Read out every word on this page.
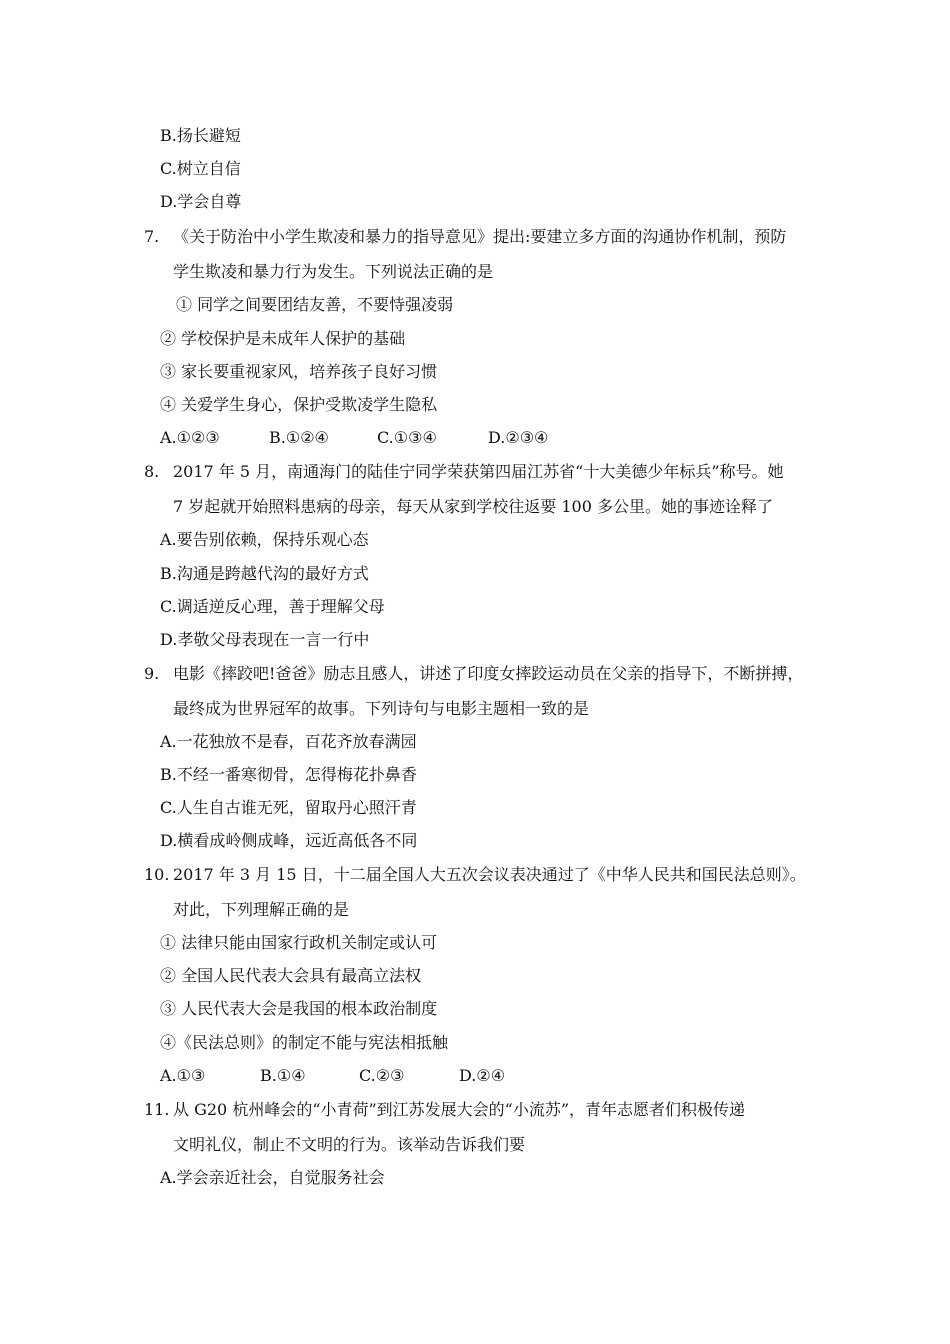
B.扬长避短
C.树立自信
D.学会自尊
7. 《关于防治中小学生欺凌和暴力的指导意见》提出:要建立多方面的沟通协作机制，预防
学生欺凌和暴力行为发生。下列说法正确的是
① 同学之间要团结友善，不要恃强凌弱
② 学校保护是未成年人保护的基础
③ 家长要重视家风，培养孩子良好习惯
④ 关爱学生身心，保护受欺凌学生隐私
A.①②③	B.①②④	C.①③④	D.②③④
8. 2017 年 5 月，南通海门的陆佳宁同学荣获第四届江苏省“十大美德少年标兵”称号。她
7 岁起就开始照料患病的母亲，每天从家到学校往返要 100 多公里。她的事迹诠释了
A.要告别依赖，保持乐观心态
B.沟通是跨越代沟的最好方式
C.调适逆反心理，善于理解父母
D.孝敬父母表现在一言一行中
9. 电影《摔跤吧!爸爸》励志且感人，讲述了印度女摔跤运动员在父亲的指导下，不断拼搏，
最终成为世界冠军的故事。下列诗句与电影主题相一致的是
A.一花独放不是春，百花齐放春满园
B.不经一番寒彻骨，怎得梅花扑鼻香
C.人生自古谁无死，留取丹心照汗青
D.横看成岭侧成峰，远近高低各不同
10. 2017 年 3 月 15 日，十二届全国人大五次会议表决通过了《中华人民共和国民法总则》。
对此，下列理解正确的是
① 法律只能由国家行政机关制定或认可
② 全国人民代表大会具有最高立法权
③ 人民代表大会是我国的根本政治制度
④《民法总则》的制定不能与宪法相抵触
A.①③	B.①④	C.②③	D.②④
11. 从 G20 杭州峰会的“小青荷”到江苏发展大会的“小流苏”，青年志愿者们积极传递
文明礼仪，制止不文明的行为。该举动告诉我们要
A.学会亲近社会，自觉服务社会
